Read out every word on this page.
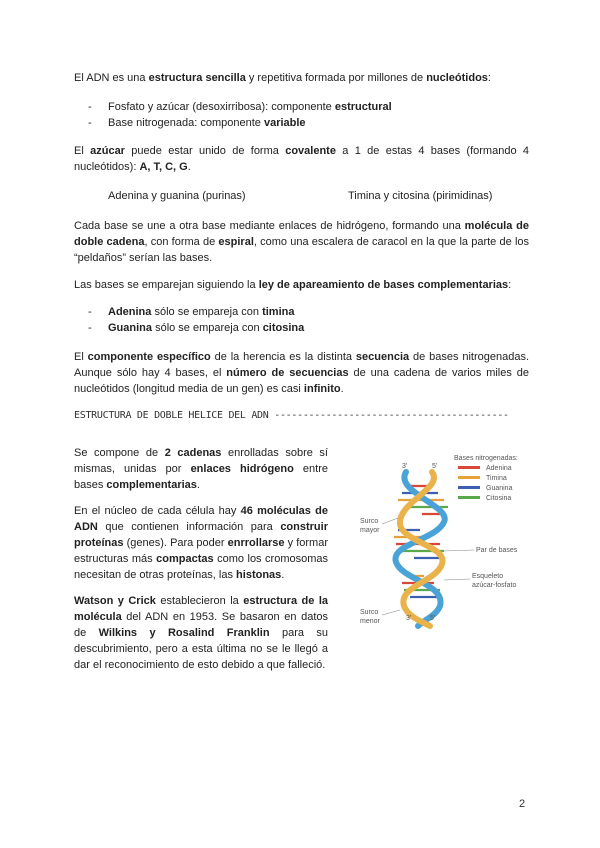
El ADN es una estructura sencilla y repetitiva formada por millones de nucleótidos:

- Fosfato y azúcar (desoxirribosa): componente estructural
- Base nitrogenada: componente variable

El azúcar puede estar unido de forma covalente a 1 de estas 4 bases (formando 4 nucleótidos): A, T, C, G.

Adenina y guanina (purinas)	Timina y citosina (pirimidinas)

Cada base se une a otra base mediante enlaces de hidrógeno, formando una molécula de doble cadena, con forma de espiral, como una escalera de caracol en la que la parte de los “peldaños” serían las bases.

Las bases se emparejan siguiendo la ley de apareamiento de bases complementarias:

- Adenina sólo se empareja con timina
- Guanina sólo se empareja con citosina

El componente específico de la herencia es la distinta secuencia de bases nitrogenadas. Aunque sólo hay 4 bases, el número de secuencias de una cadena de varios miles de nucleótidos (longitud media de un gen) es casi infinito.

ESTRUCTURA DE DOBLE HÉLICE DEL ADN -----------------------------------------

Se compone de 2 cadenas enrolladas sobre sí mismas, unidas por enlaces hidrógeno entre bases complementarias.

En el núcleo de cada célula hay 46 moléculas de ADN que contienen información para construir proteínas (genes). Para poder enrrollarse y formar estructuras más compactas como los cromosomas necesitan de otras proteínas, las histonas.

Watson y Crick establecieron la estructura de la molécula del ADN en 1953. Se basaron en datos de Wilkins y Rosalind Franklin para su descubrimiento, pero a esta última no se le llegó a dar el reconocimiento de esto debido a que falleció.

3'	5'
3'	5'
Surco
mayor
Surco
menor
Par de bases
Esqueleto
azúcar-fosfato
Bases nitrogenadas:
Adenina
Timina
Guanina
Citosina
2
